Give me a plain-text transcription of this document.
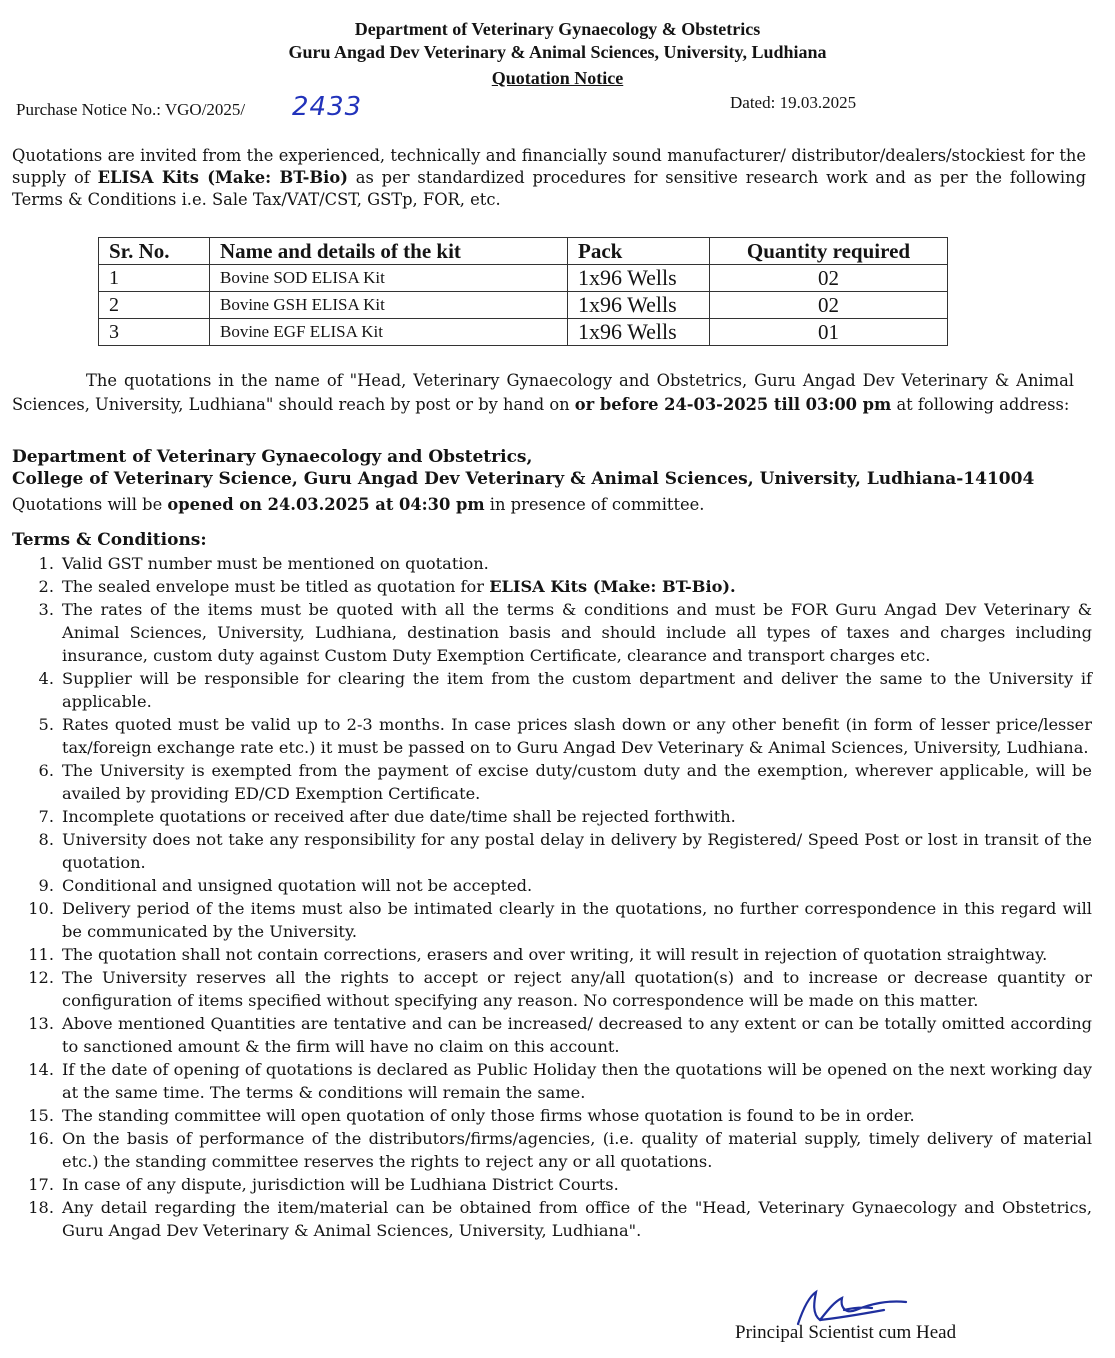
Department of Veterinary Gynaecology & Obstetrics
Guru Angad Dev Veterinary & Animal Sciences, University, Ludhiana
Quotation Notice
Purchase Notice No.: VGO/2025/ 2433	Dated: 19.03.2025
Quotations are invited from the experienced, technically and financially sound manufacturer/ distributor/dealers/stockiest for the supply of ELISA Kits (Make: BT-Bio) as per standardized procedures for sensitive research work and as per the following Terms & Conditions i.e. Sale Tax/VAT/CST, GSTp, FOR, etc.
Sr. No.	Name and details of the kit	Pack	Quantity required
1	Bovine SOD ELISA Kit	1x96 Wells	02
2	Bovine GSH ELISA Kit	1x96 Wells	02
3	Bovine EGF ELISA Kit	1x96 Wells	01
The quotations in the name of "Head, Veterinary Gynaecology and Obstetrics, Guru Angad Dev Veterinary & Animal Sciences, University, Ludhiana" should reach by post or by hand on or before 24-03-2025 till 03:00 pm at following address:
Department of Veterinary Gynaecology and Obstetrics,
College of Veterinary Science, Guru Angad Dev Veterinary & Animal Sciences, University, Ludhiana-141004
Quotations will be opened on 24.03.2025 at 04:30 pm in presence of committee.
Terms & Conditions:
1. Valid GST number must be mentioned on quotation.
2. The sealed envelope must be titled as quotation for ELISA Kits (Make: BT-Bio).
3. The rates of the items must be quoted with all the terms & conditions and must be FOR Guru Angad Dev Veterinary & Animal Sciences, University, Ludhiana, destination basis and should include all types of taxes and charges including insurance, custom duty against Custom Duty Exemption Certificate, clearance and transport charges etc.
4. Supplier will be responsible for clearing the item from the custom department and deliver the same to the University if applicable.
5. Rates quoted must be valid up to 2-3 months. In case prices slash down or any other benefit (in form of lesser price/lesser tax/foreign exchange rate etc.) it must be passed on to Guru Angad Dev Veterinary & Animal Sciences, University, Ludhiana.
6. The University is exempted from the payment of excise duty/custom duty and the exemption, wherever applicable, will be availed by providing ED/CD Exemption Certificate.
7. Incomplete quotations or received after due date/time shall be rejected forthwith.
8. University does not take any responsibility for any postal delay in delivery by Registered/ Speed Post or lost in transit of the quotation.
9. Conditional and unsigned quotation will not be accepted.
10. Delivery period of the items must also be intimated clearly in the quotations, no further correspondence in this regard will be communicated by the University.
11. The quotation shall not contain corrections, erasers and over writing, it will result in rejection of quotation straightway.
12. The University reserves all the rights to accept or reject any/all quotation(s) and to increase or decrease quantity or configuration of items specified without specifying any reason. No correspondence will be made on this matter.
13. Above mentioned Quantities are tentative and can be increased/ decreased to any extent or can be totally omitted according to sanctioned amount & the firm will have no claim on this account.
14. If the date of opening of quotations is declared as Public Holiday then the quotations will be opened on the next working day at the same time. The terms & conditions will remain the same.
15. The standing committee will open quotation of only those firms whose quotation is found to be in order.
16. On the basis of performance of the distributors/firms/agencies, (i.e. quality of material supply, timely delivery of material etc.) the standing committee reserves the rights to reject any or all quotations.
17. In case of any dispute, jurisdiction will be Ludhiana District Courts.
18. Any detail regarding the item/material can be obtained from office of the "Head, Veterinary Gynaecology and Obstetrics, Guru Angad Dev Veterinary & Animal Sciences, University, Ludhiana".
Principal Scientist cum Head
